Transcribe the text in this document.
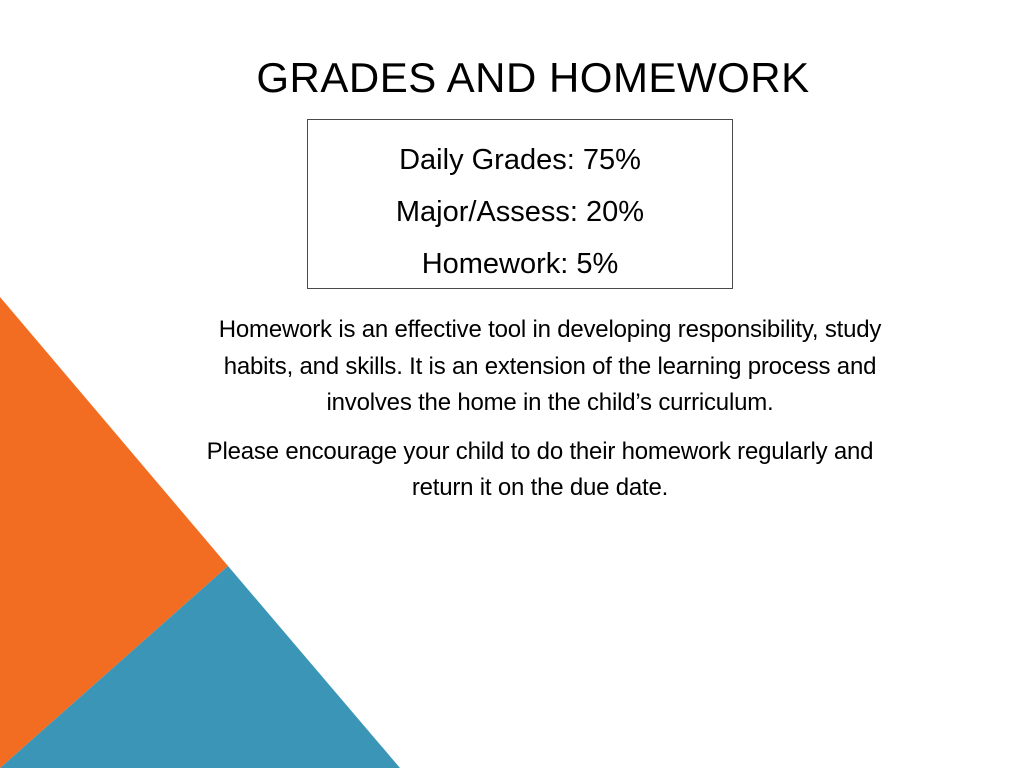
GRADES AND HOMEWORK
Daily Grades: 75%
Major/Assess: 20%
Homework: 5%

Homework is an effective tool in developing responsibility, study habits, and skills. It is an extension of the learning process and involves the home in the child’s curriculum.

Please encourage your child to do their homework regularly and return it on the due date.
